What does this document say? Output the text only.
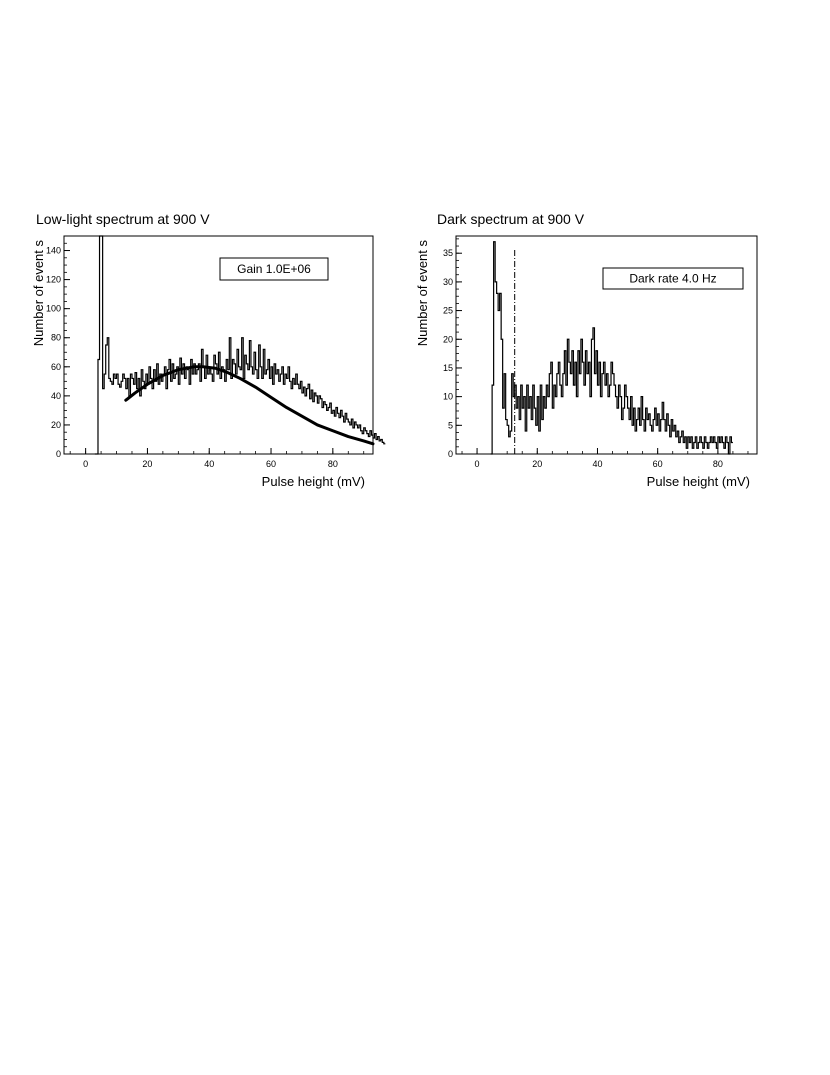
Low-light spectrum at 900 V
0
20
40
60
80
100
120
140
0	20	40	60	80
Pulse height (mV)
Number of event s	Gain 1.0E+06
Dark spectrum at 900 V
0
5
10
15
20
25
30
35
0	20	40	60	80
Pulse height (mV)
Number of event s	Dark rate 4.0 Hz
